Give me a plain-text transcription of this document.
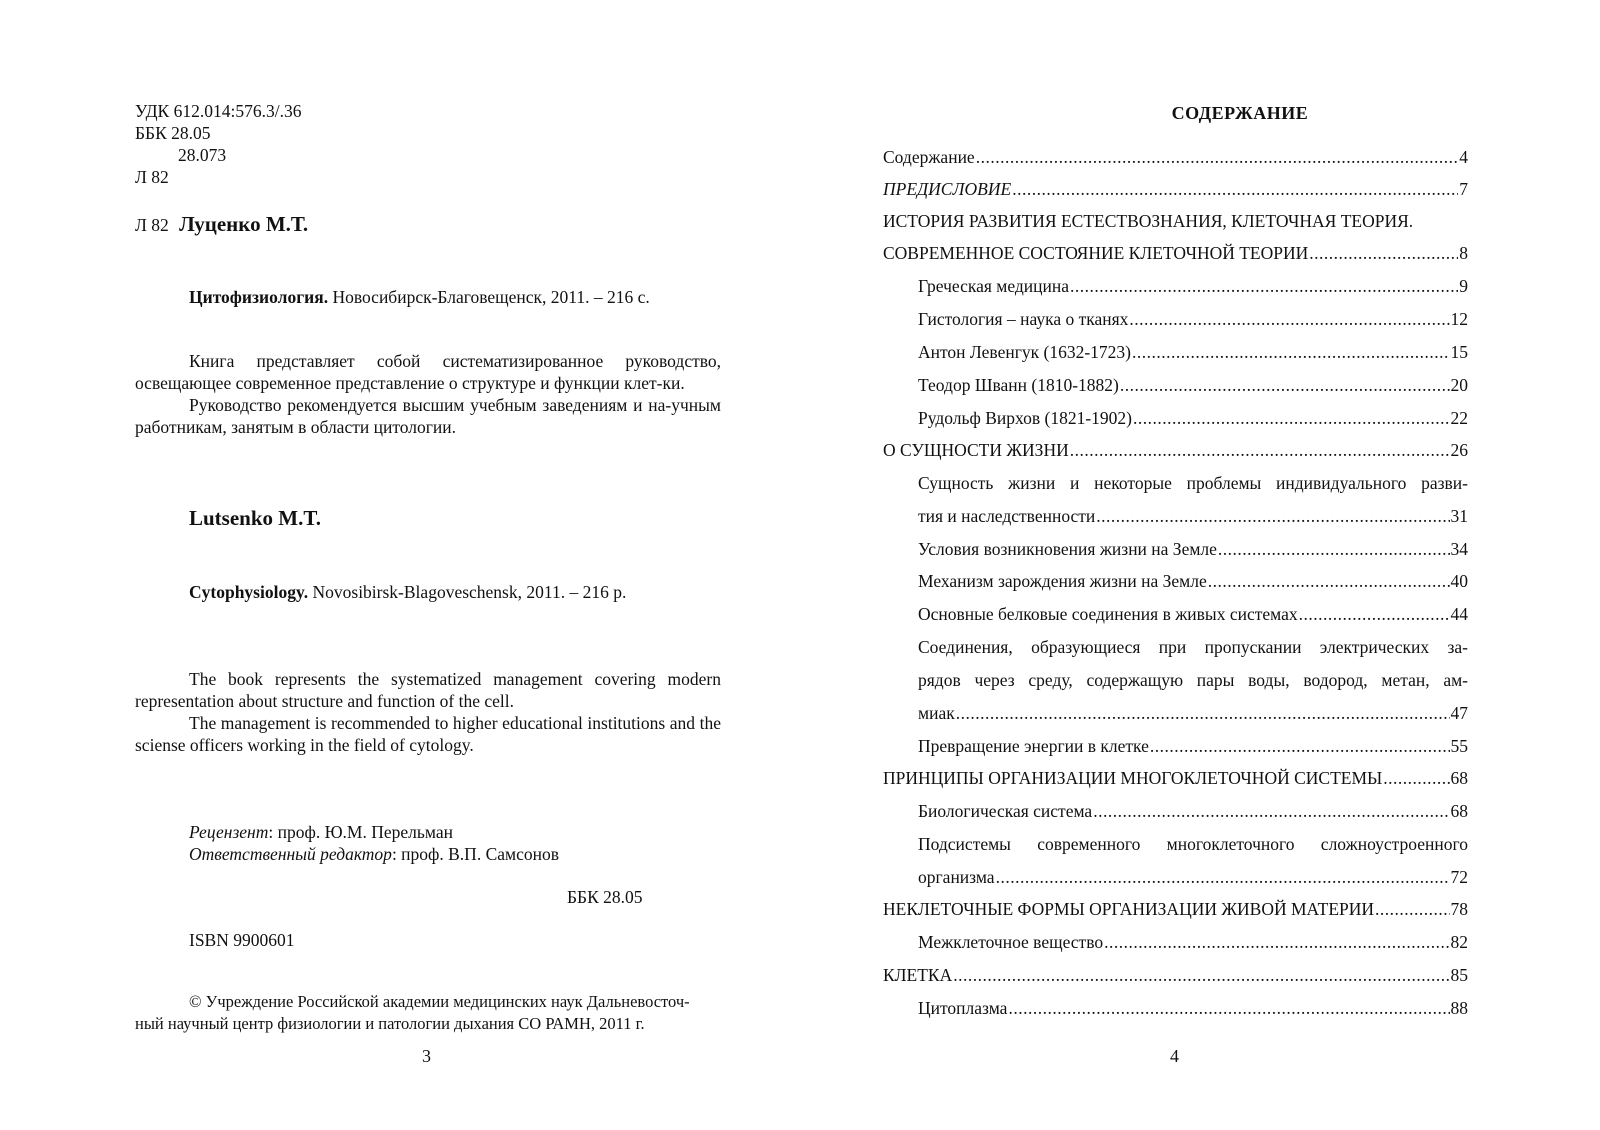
УДК 612.014:576.3/.36
ББК 28.05
28.073
Л 82
Л 82 Луценко М.Т.
Цитофизиология. Новосибирск-Благовещенск, 2011. – 216 с.
Книга представляет собой систематизированное руководство, освещающее современное представление о структуре и функции клет-ки.
Руководство рекомендуется высшим учебным заведениям и на-учным работникам, занятым в области цитологии.
Lutsenko M.T.
Cytophysiology. Novosibirsk-Blagoveschensk, 2011. – 216 p.
The book represents the systematized management covering modern representation about structure and function of the cell.
The management is recommended to higher educational institutions and the sciense officers working in the field of cytology.
Рецензент: проф. Ю.М. Перельман
Ответственный редактор: проф. В.П. Самсонов
ББК 28.05
ISBN 9900601
© Учреждение Российской академии медицинских наук Дальневосточ-
ный научный центр физиологии и патологии дыхания СО РАМН, 2011 г.
3
СОДЕРЖАНИЕ
Содержание .....	4
ПРЕДИСЛОВИЕ .....	7
ИСТОРИЯ РАЗВИТИЯ ЕСТЕСТВОЗНАНИЯ, КЛЕТОЧНАЯ ТЕОРИЯ.
СОВРЕМЕННОЕ СОСТОЯНИЕ КЛЕТОЧНОЙ ТЕОРИИ .....	8
Греческая медицина .....	9
Гистология – наука о тканях .....	12
Антон Левенгук (1632-1723) .....	15
Теодор Шванн (1810-1882) .....	20
Рудольф Вирхов (1821-1902) .....	22
О СУЩНОСТИ ЖИЗНИ .....	26
Сущность жизни и некоторые проблемы индивидуального разви-
тия и наследственности .....	31
Условия возникновения жизни на Земле .....	34
Механизм зарождения жизни на Земле .....	40
Основные белковые соединения в живых системах .....	44
Соединения, образующиеся при пропускании электрических за-
рядов через среду, содержащую пары воды, водород, метан, ам-
миак .....	47
Превращение энергии в клетке .....	55
ПРИНЦИПЫ ОРГАНИЗАЦИИ МНОГОКЛЕТОЧНОЙ СИСТЕМЫ .....	68
Биологическая система .....	68
Подсистемы современного многоклеточного сложноустроенного
организма .....	72
НЕКЛЕТОЧНЫЕ ФОРМЫ ОРГАНИЗАЦИИ ЖИВОЙ МАТЕРИИ .....	78
Межклеточное вещество .....	82
КЛЕТКА .....	85
Цитоплазма .....	88
4
